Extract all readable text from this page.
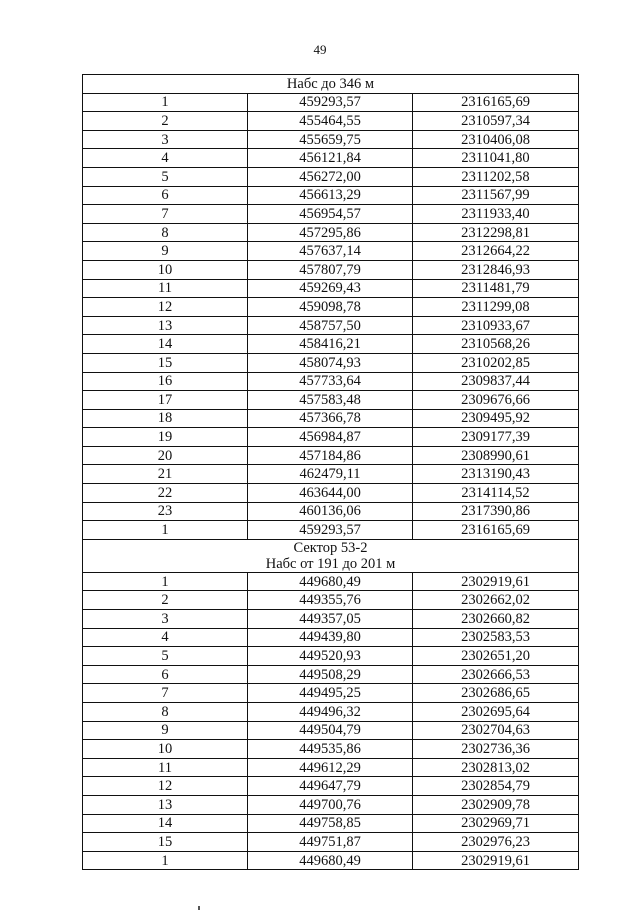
49
Набс до 346 м		

1	459293,57	2316165,69
2	455464,55	2310597,34
3	455659,75	2310406,08
4	456121,84	2311041,80
5	456272,00	2311202,58
6	456613,29	2311567,99
7	456954,57	2311933,40
8	457295,86	2312298,81
9	457637,14	2312664,22
10	457807,79	2312846,93
11	459269,43	2311481,79
12	459098,78	2311299,08
13	458757,50	2310933,67
14	458416,21	2310568,26
15	458074,93	2310202,85
16	457733,64	2309837,44
17	457583,48	2309676,66
18	457366,78	2309495,92
19	456984,87	2309177,39
20	457184,86	2308990,61
21	462479,11	2313190,43
22	463644,00	2314114,52
23	460136,06	2317390,86
1	459293,57	2316165,69

Сектор 53-2
Набс от 191 до 201 м		

1	449680,49	2302919,61
2	449355,76	2302662,02
3	449357,05	2302660,82
4	449439,80	2302583,53
5	449520,93	2302651,20
6	449508,29	2302666,53
7	449495,25	2302686,65
8	449496,32	2302695,64
9	449504,79	2302704,63
10	449535,86	2302736,36
11	449612,29	2302813,02
12	449647,79	2302854,79
13	449700,76	2302909,78
14	449758,85	2302969,71
15	449751,87	2302976,23
1	449680,49	2302919,61
